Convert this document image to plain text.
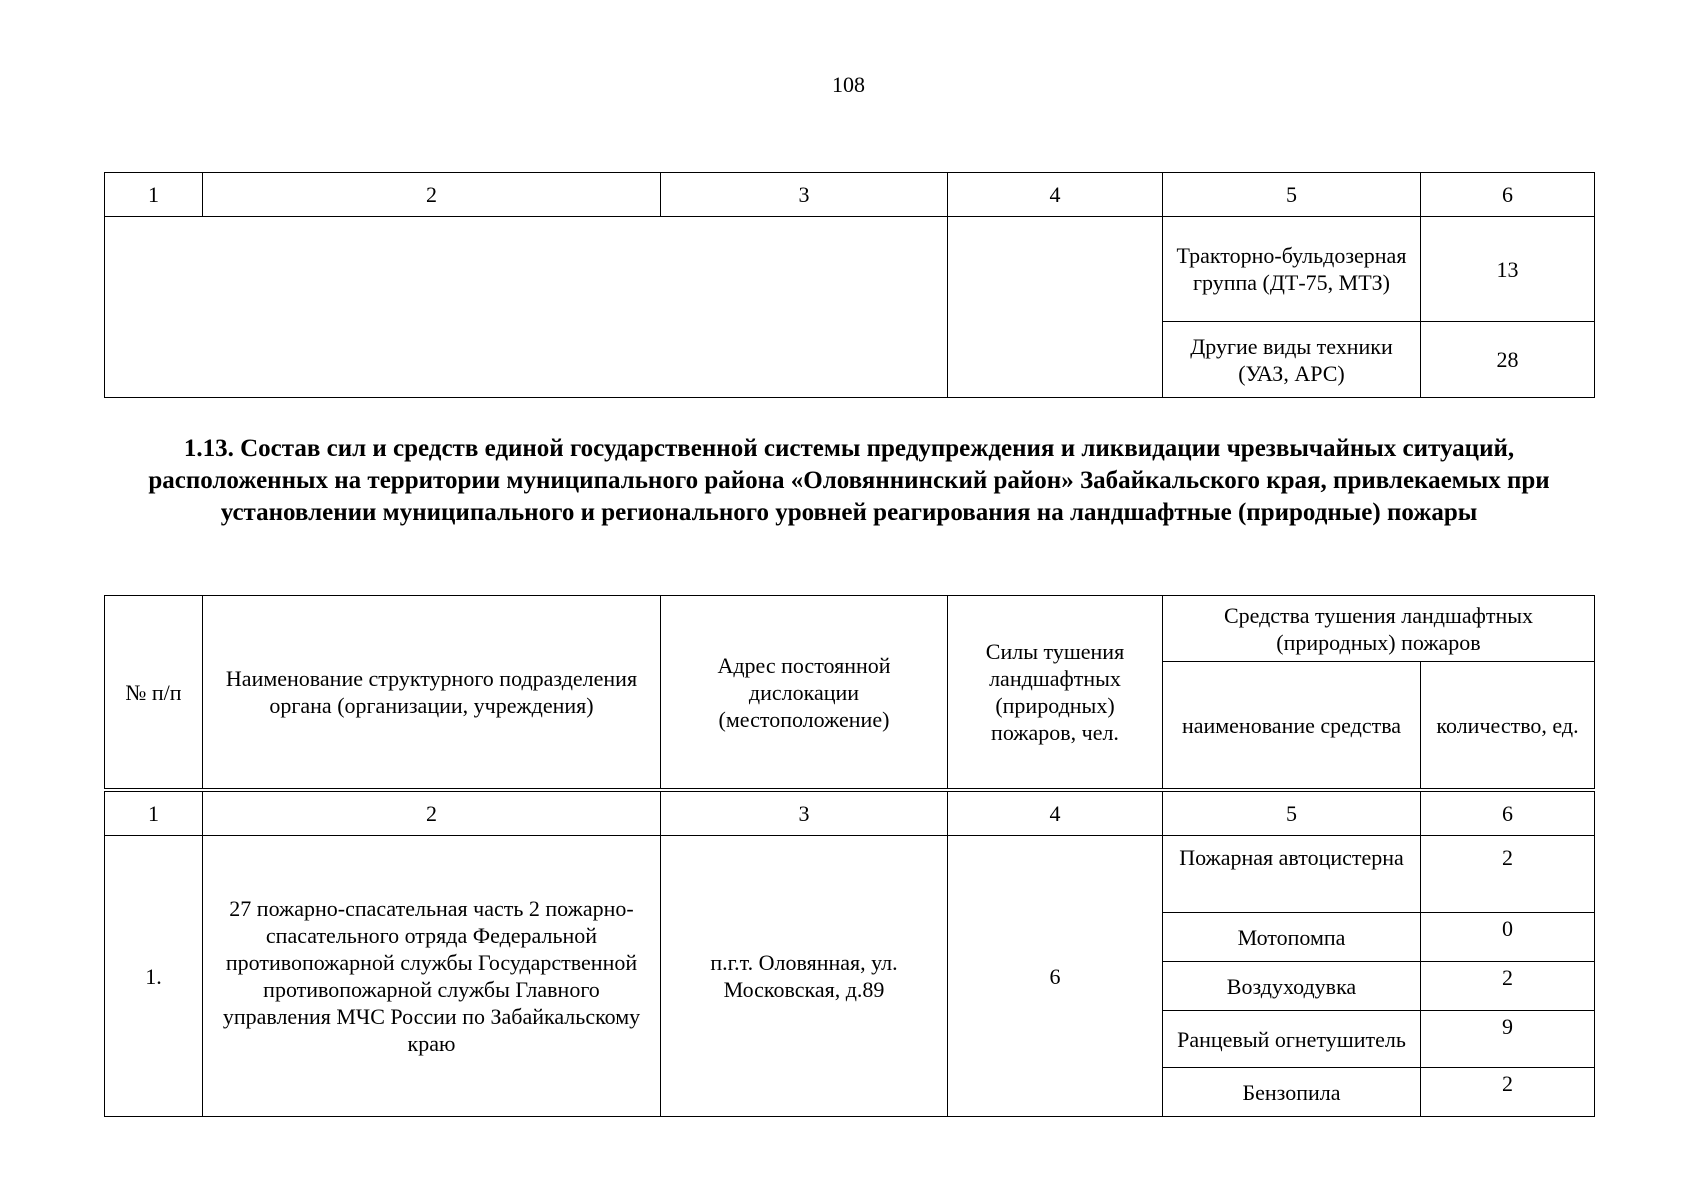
108
1	2	3	4	5	6
				Тракторно-бульдозерная группа (ДТ-75, МТЗ)	13
				Другие виды техники (УАЗ, АРС)	28
1.13. Состав сил и средств единой государственной системы предупреждения и ликвидации чрезвычайных ситуаций, расположенных на территории муниципального района «Оловяннинский район» Забайкальского края, привлекаемых при установлении муниципального и регионального уровней реагирования на ландшафтные (природные) пожары
№ п/п	Наименование структурного подразделения органа (организации, учреждения)	Адрес постоянной дислокации (местоположение)	Силы тушения ландшафтных (природных) пожаров, чел.	Средства тушения ландшафтных (природных) пожаров	
				наименование средства	количество, ед.
1	2	3	4	5	6
1.	27 пожарно-спасательная часть 2 пожарно-спасательного отряда Федеральной противопожарной службы Государственной противопожарной службы Главного управления МЧС России по Забайкальскому краю	п.г.т. Оловянная, ул. Московская, д.89	6	Пожарная автоцистерна	2
				Мотопомпа	0
				Воздуходувка	2
				Ранцевый огнетушитель	9
				Бензопила	2
